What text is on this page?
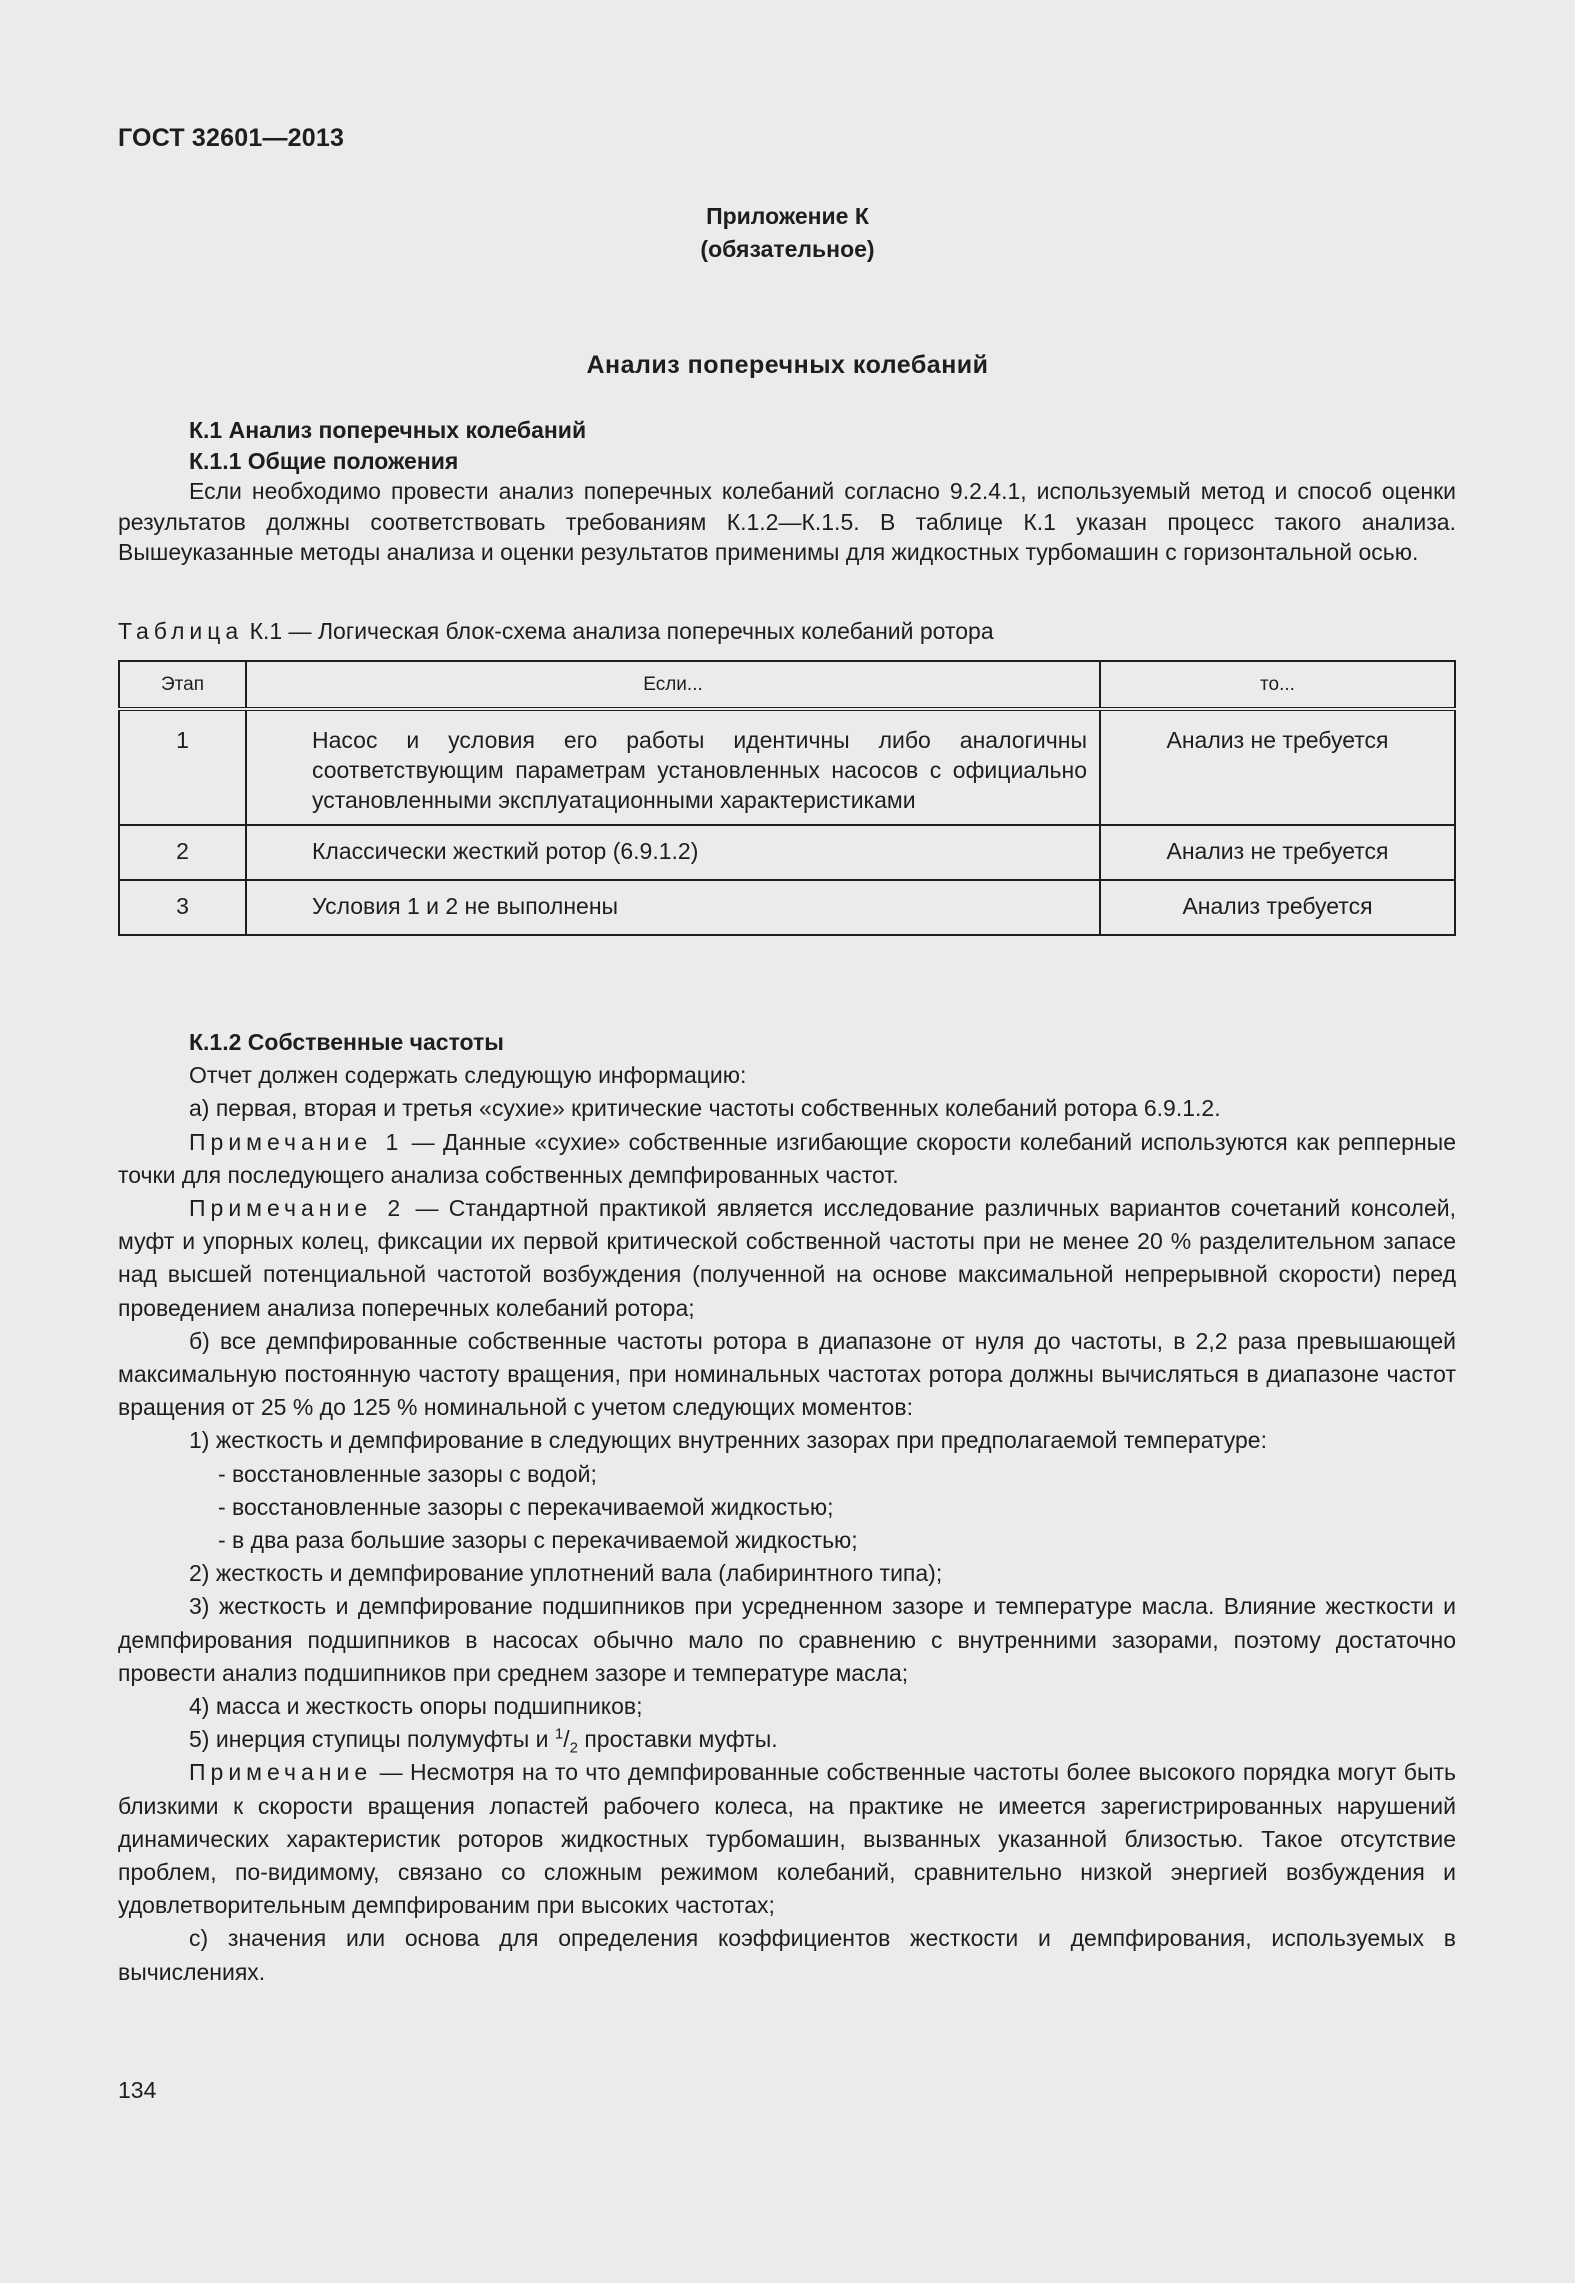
ГОСТ 32601—2013
Приложение К
(обязательное)
Анализ поперечных колебаний
К.1 Анализ поперечных колебаний
К.1.1 Общие положения

Если необходимо провести анализ поперечных колебаний согласно 9.2.4.1, используемый метод и способ оценки результатов должны соответствовать требованиям К.1.2—К.1.5. В таблице К.1 указан процесс такого анализа. Вышеуказанные методы анализа и оценки результатов применимы для жидкостных турбомашин с горизонтальной осью.

Таблица К.1 — Логическая блок-схема анализа поперечных колебаний ротора
Этап	Если...	то...
1	Насос и условия его работы идентичны либо аналогичны соответствующим параметрам установленных насосов с официально установленными эксплуатационными характеристиками	Анализ не требуется
2	Классически жесткий ротор (6.9.1.2)	Анализ не требуется
3	Условия 1 и 2 не выполнены	Анализ требуется
К.1.2 Собственные частоты

Отчет должен содержать следующую информацию:

а) первая, вторая и третья «сухие» критические частоты собственных колебаний ротора 6.9.1.2.

Примечание 1 — Данные «сухие» собственные изгибающие скорости колебаний используются как репперные точки для последующего анализа собственных демпфированных частот.

Примечание 2 — Стандартной практикой является исследование различных вариантов сочетаний консолей, муфт и упорных колец, фиксации их первой критической собственной частоты при не менее 20 % разделительном запасе над высшей потенциальной частотой возбуждения (полученной на основе максимальной непрерывной скорости) перед проведением анализа поперечных колебаний ротора;

б) все демпфированные собственные частоты ротора в диапазоне от нуля до частоты, в 2,2 раза превышающей максимальную постоянную частоту вращения, при номинальных частотах ротора должны вычисляться в диапазоне частот вращения от 25 % до 125 % номинальной с учетом следующих моментов:

1) жесткость и демпфирование в следующих внутренних зазорах при предполагаемой температуре:

- восстановленные зазоры с водой;

- восстановленные зазоры с перекачиваемой жидкостью;

- в два раза большие зазоры с перекачиваемой жидкостью;

2) жесткость и демпфирование уплотнений вала (лабиринтного типа);

3) жесткость и демпфирование подшипников при усредненном зазоре и температуре масла. Влияние жесткости и демпфирования подшипников в насосах обычно мало по сравнению с внутренними зазорами, поэтому достаточно провести анализ подшипников при среднем зазоре и температуре масла;

4) масса и жесткость опоры подшипников;

5) инерция ступицы полумуфты и $^1/_2$ проставки муфты.

Примечание — Несмотря на то что демпфированные собственные частоты более высокого порядка могут быть близкими к скорости вращения лопастей рабочего колеса, на практике не имеется зарегистрированных нарушений динамических характеристик роторов жидкостных турбомашин, вызванных указанной близостью. Такое отсутствие проблем, по-видимому, связано со сложным режимом колебаний, сравнительно низкой энергией возбуждения и удовлетворительным демпфированим при высоких частотах;

с) значения или основа для определения коэффициентов жесткости и демпфирования, используемых в вычислениях.

134
